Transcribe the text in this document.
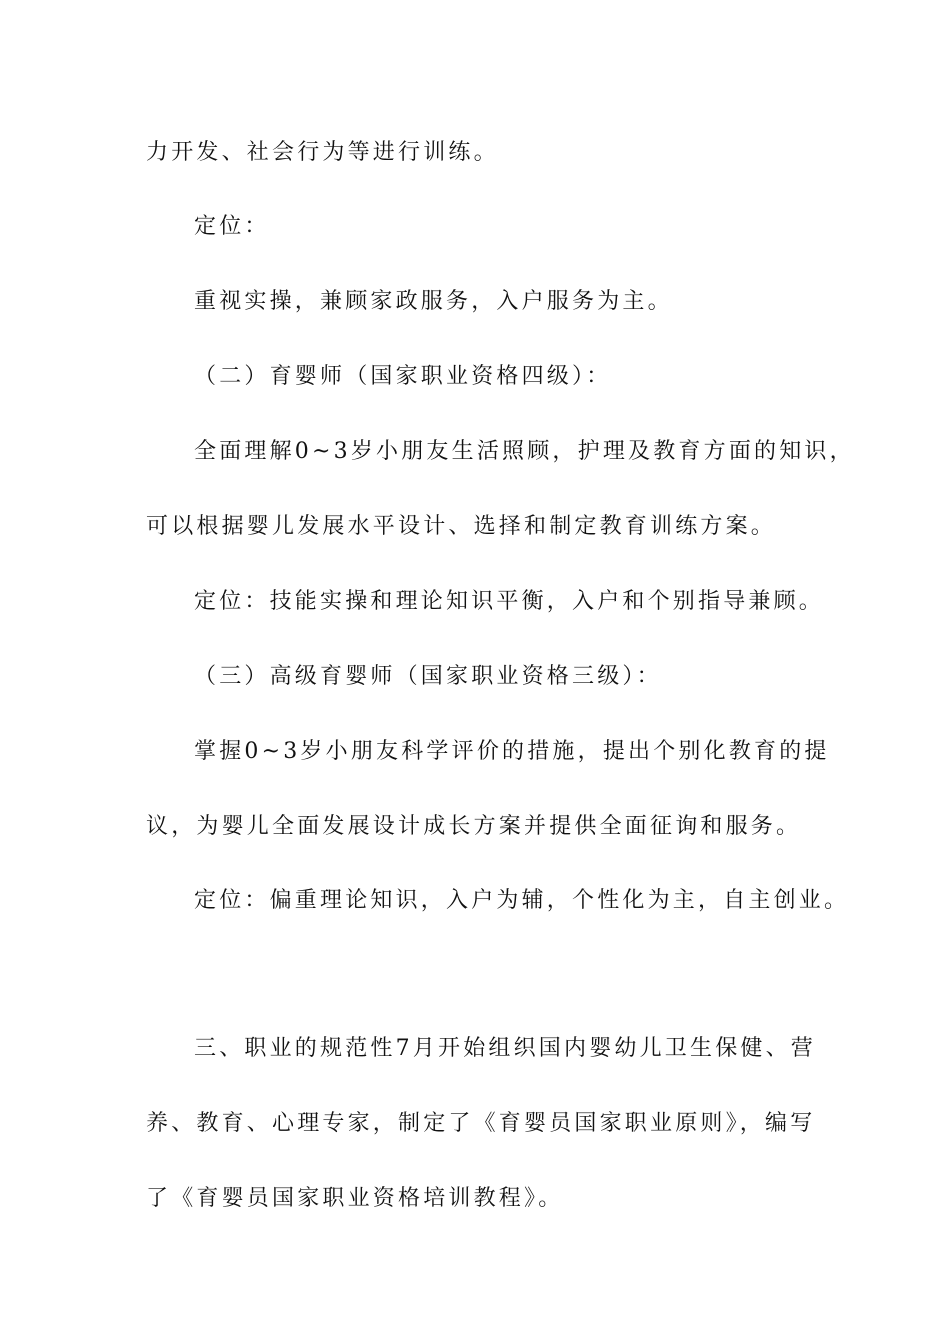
力开发、社会行为等进行训练。

定位：

重视实操，兼顾家政服务，入户服务为主。

（二）育婴师（国家职业资格四级）：

全面理解0~3岁小朋友生活照顾，护理及教育方面的知识，

可以根据婴儿发展水平设计、选择和制定教育训练方案。

定位：技能实操和理论知识平衡，入户和个别指导兼顾。

（三）高级育婴师（国家职业资格三级）：

掌握0~3岁小朋友科学评价的措施，提出个别化教育的提

议，为婴儿全面发展设计成长方案并提供全面征询和服务。

定位：偏重理论知识，入户为辅，个性化为主，自主创业。

三、职业的规范性7月开始组织国内婴幼儿卫生保健、营

养、教育、心理专家，制定了《育婴员国家职业原则》，编写

了《育婴员国家职业资格培训教程》。
